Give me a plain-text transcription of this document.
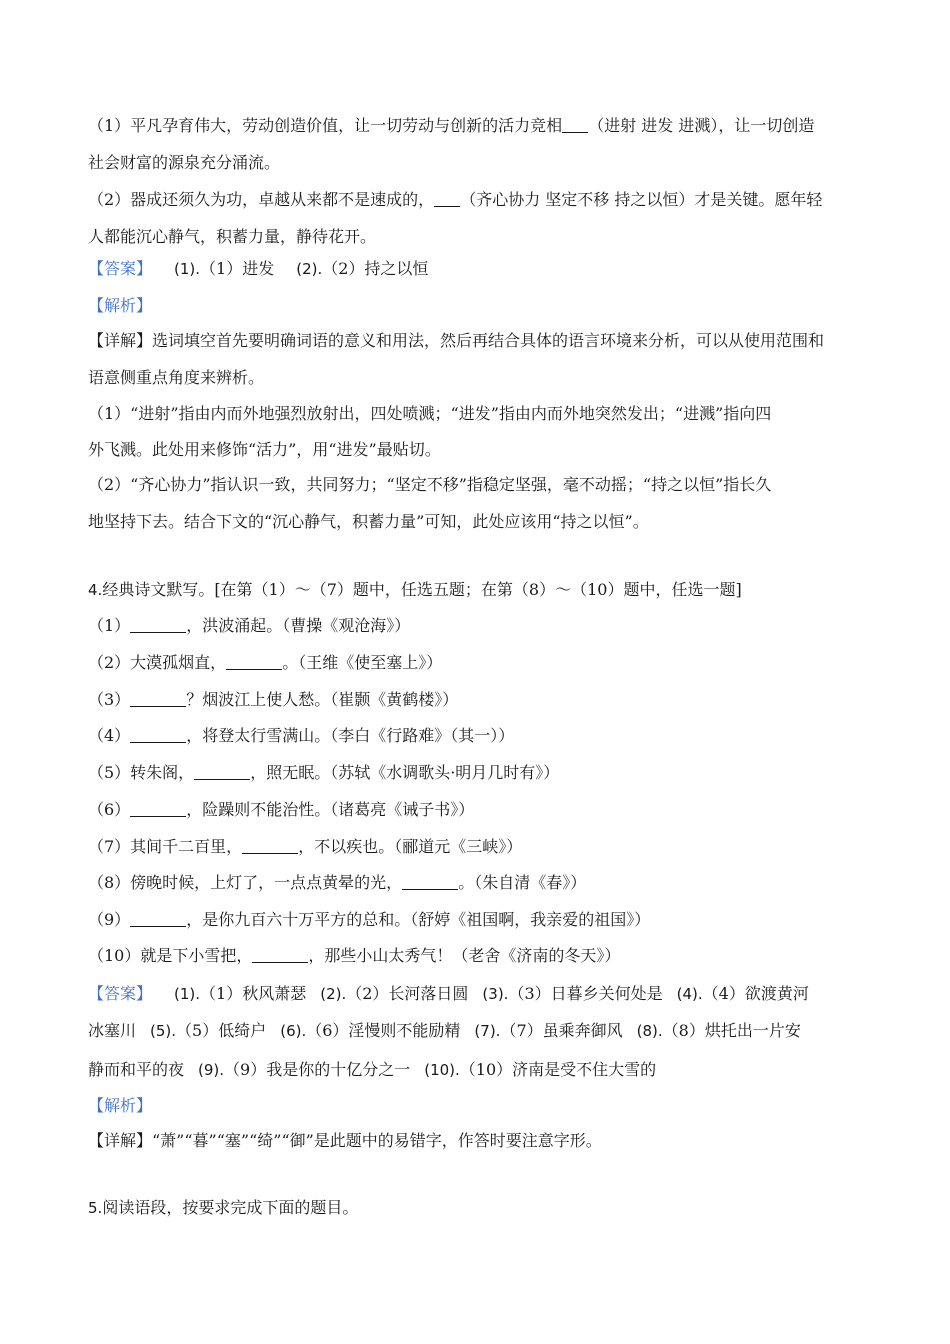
（1）平凡孕育伟大，劳动创造价值，让一切劳动与创新的活力竞相 （进射 进发 进溅），让一切创造
社会财富的源泉充分涌流。
（2）器成还须久为功，卓越从来都不是速成的， （齐心协力 坚定不移 持之以恒）才是关键。愿年轻
人都能沉心静气，积蓄力量，静待花开。
【答案】 (1).（1）进发 (2).（2）持之以恒
【解析】
【详解】选词填空首先要明确词语的意义和用法，然后再结合具体的语言环境来分析，可以从使用范围和
语意侧重点角度来辨析。
（1）“进射”指由内而外地强烈放射出，四处喷溅；“进发”指由内而外地突然发出；“进溅”指向四
外飞溅。此处用来修饰“活力”，用“进发”最贴切。
（2）“齐心协力”指认识一致，共同努力；“坚定不移”指稳定坚强，毫不动摇；“持之以恒”指长久
地坚持下去。结合下文的“沉心静气，积蓄力量”可知，此处应该用“持之以恒”。
4.经典诗文默写。[在第（1）～（7）题中，任选五题；在第（8）～（10）题中，任选一题]
（1）	，洪波涌起。（曹操《观沧海》）
（2）大漠孤烟直，	。（王维《使至塞上》）
（3）	？烟波江上使人愁。（崔颢《黄鹤楼》）
（4）	，将登太行雪满山。（李白《行路难》（其一））
（5）转朱阁，	，照无眠。（苏轼《水调歌头·明月几时有》）
（6）	，险躁则不能治性。（诸葛亮《诫子书》）
（7）其间千二百里，	，不以疾也。（郦道元《三峡》）
（8）傍晚时候，上灯了，一点点黄晕的光，	。（朱自清《春》）
（9）	，是你九百六十万平方的总和。（舒婷《祖国啊，我亲爱的祖国》）
（10）就是下小雪把，	，那些小山太秀气！（老舍《济南的冬天》）
【答案】 (1).（1）秋风萧瑟 (2).（2）长河落日圆 (3).（3）日暮乡关何处是 (4).（4）欲渡黄河
冰塞川 (5).（5）低绮户 (6).（6）淫慢则不能励精 (7).（7）虽乘奔御风 (8).（8）烘托出一片安
静而和平的夜 (9).（9）我是你的十亿分之一 (10).（10）济南是受不住大雪的
【解析】
【详解】“萧”“暮”“塞”“绮”“御”是此题中的易错字，作答时要注意字形。
5.阅读语段，按要求完成下面的题目。
